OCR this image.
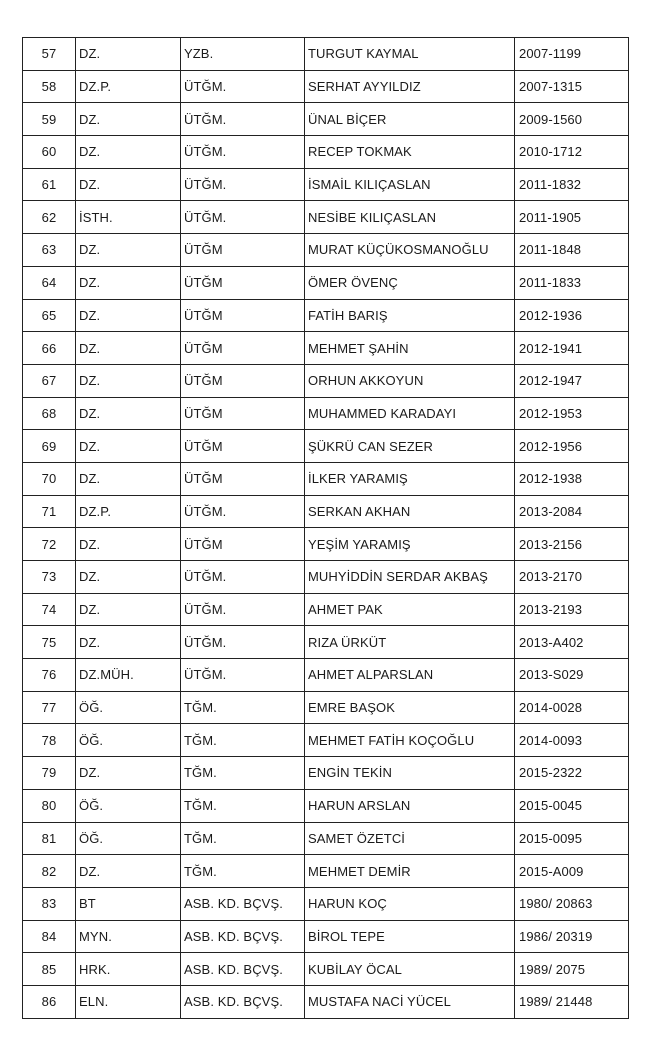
57	DZ.	YZB.	TURGUT KAYMAL	2007-1199
58	DZ.P.	ÜTĞM.	SERHAT AYYILDIZ	2007-1315
59	DZ.	ÜTĞM.	ÜNAL BİÇER	2009-1560
60	DZ.	ÜTĞM.	RECEP TOKMAK	2010-1712
61	DZ.	ÜTĞM.	İSMAİL KILIÇASLAN	2011-1832
62	İSTH.	ÜTĞM.	NESİBE KILIÇASLAN	2011-1905
63	DZ.	ÜTĞM	MURAT KÜÇÜKOSMANOĞLU	2011-1848
64	DZ.	ÜTĞM	ÖMER ÖVENÇ	2011-1833
65	DZ.	ÜTĞM	FATİH BARIŞ	2012-1936
66	DZ.	ÜTĞM	MEHMET ŞAHİN	2012-1941
67	DZ.	ÜTĞM	ORHUN AKKOYUN	2012-1947
68	DZ.	ÜTĞM	MUHAMMED KARADAYI	2012-1953
69	DZ.	ÜTĞM	ŞÜKRÜ CAN SEZER	2012-1956
70	DZ.	ÜTĞM	İLKER YARAMIŞ	2012-1938
71	DZ.P.	ÜTĞM.	SERKAN AKHAN	2013-2084
72	DZ.	ÜTĞM	YEŞİM YARAMIŞ	2013-2156
73	DZ.	ÜTĞM.	MUHYİDDİN SERDAR AKBAŞ	2013-2170
74	DZ.	ÜTĞM.	AHMET PAK	2013-2193
75	DZ.	ÜTĞM.	RIZA ÜRKÜT	2013-A402
76	DZ.MÜH.	ÜTĞM.	AHMET ALPARSLAN	2013-S029
77	ÖĞ.	TĞM.	EMRE BAŞOK	2014-0028
78	ÖĞ.	TĞM.	MEHMET FATİH KOÇOĞLU	2014-0093
79	DZ.	TĞM.	ENGİN TEKİN	2015-2322
80	ÖĞ.	TĞM.	HARUN ARSLAN	2015-0045
81	ÖĞ.	TĞM.	SAMET ÖZETCİ	2015-0095
82	DZ.	TĞM.	MEHMET DEMİR	2015-A009
83	BT	ASB. KD. BÇVŞ.	HARUN KOÇ	1980/ 20863
84	MYN.	ASB. KD. BÇVŞ.	BİROL TEPE	1986/ 20319
85	HRK.	ASB. KD. BÇVŞ.	KUBİLAY ÖCAL	1989/ 2075
86	ELN.	ASB. KD. BÇVŞ.	MUSTAFA NACİ YÜCEL	1989/ 21448
